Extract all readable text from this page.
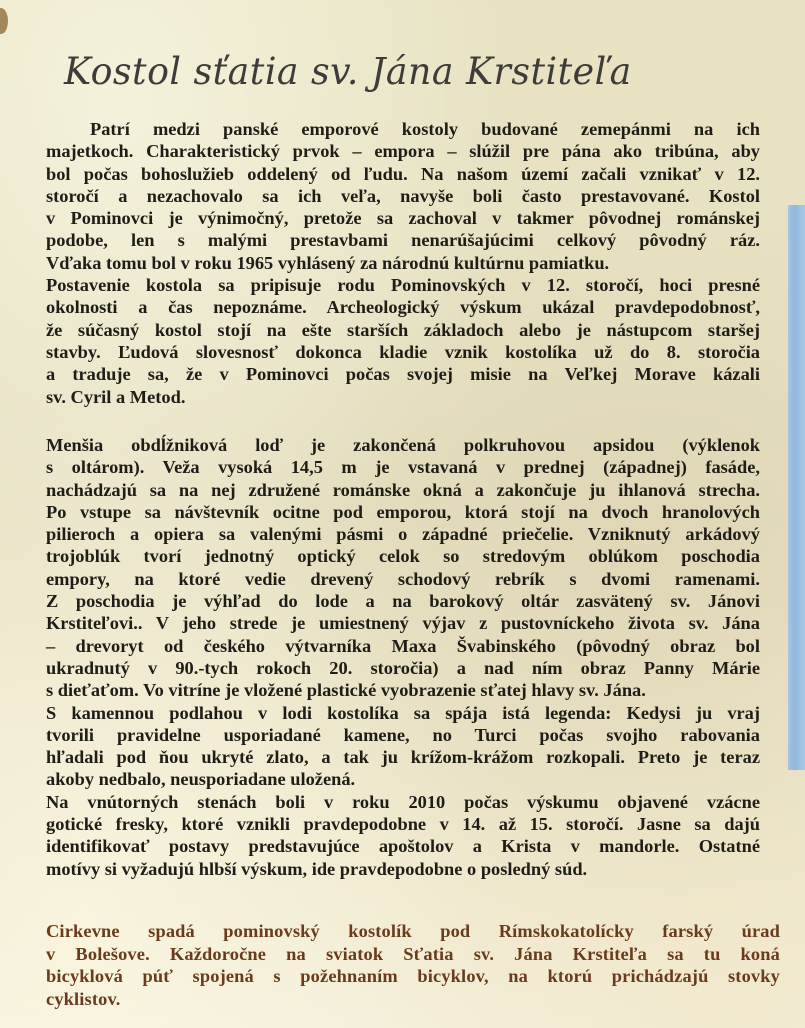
Kostol sťatia sv. Jána Krstiteľa
Patrí medzi panské emporové kostoly budované zemepánmi na ich
majetkoch. Charakteristický prvok – empora – slúžil pre pána ako tribúna, aby
bol počas bohoslužieb oddelený od ľudu. Na našom území začali vznikať v 12.
storočí a nezachovalo sa ich veľa, navyše boli často prestavované. Kostol
v Pominovci je výnimočný, pretože sa zachoval v takmer pôvodnej románskej
podobe, len s malými prestavbami nenarúšajúcimi celkový pôvodný ráz.
Vďaka tomu bol v roku 1965 vyhlásený za národnú kultúrnu pamiatku.
Postavenie kostola sa pripisuje rodu Pominovských v 12. storočí, hoci presné
okolnosti a čas nepoznáme. Archeologický výskum ukázal pravdepodobnosť,
že súčasný kostol stojí na ešte starších základoch alebo je nástupcom staršej
stavby. Ľudová slovesnosť dokonca kladie vznik kostolíka už do 8. storočia
a traduje sa, že v Pominovci počas svojej misie na Veľkej Morave kázali
sv. Cyril a Metod.
Menšia obdĺžniková loď je zakončená polkruhovou apsidou (výklenok
s oltárom). Veža vysoká 14,5 m je vstavaná v prednej (západnej) fasáde,
nachádzajú sa na nej združené románske okná a zakončuje ju ihlanová strecha.
Po vstupe sa návštevník ocitne pod emporou, ktorá stojí na dvoch hranolových
pilieroch a opiera sa valenými pásmi o západné priečelie. Vzniknutý arkádový
trojoblúk tvorí jednotný optický celok so stredovým oblúkom poschodia
empory, na ktoré vedie drevený schodový rebrík s dvomi ramenami.
Z poschodia je výhľad do lode a na barokový oltár zasvätený sv. Jánovi
Krstiteľovi.. V jeho strede je umiestnený výjav z pustovníckeho života sv. Jána
– drevoryt od českého výtvarníka Maxa Švabinského (pôvodný obraz bol
ukradnutý v 90.-tych rokoch 20. storočia) a nad ním obraz Panny Márie
s dieťaťom. Vo vitríne je vložené plastické vyobrazenie sťatej hlavy sv. Jána.
S kamennou podlahou v lodi kostolíka sa spája istá legenda: Kedysi ju vraj
tvorili pravidelne usporiadané kamene, no Turci počas svojho rabovania
hľadali pod ňou ukryté zlato, a tak ju krížom-krážom rozkopali. Preto je teraz
akoby nedbalo, neusporiadane uložená.
Na vnútorných stenách boli v roku 2010 počas výskumu objavené vzácne
gotické fresky, ktoré vznikli pravdepodobne v 14. až 15. storočí. Jasne sa dajú
identifikovať postavy predstavujúce apoštolov a Krista v mandorle. Ostatné
motívy si vyžadujú hlbší výskum, ide pravdepodobne o posledný súd.
Cirkevne spadá pominovský kostolík pod Rímskokatolícky farský úrad
v Bolešove. Každoročne na sviatok Sťatia sv. Jána Krstiteľa sa tu koná
bicyklová púť spojená s požehnaním bicyklov, na ktorú prichádzajú stovky
cyklistov.
